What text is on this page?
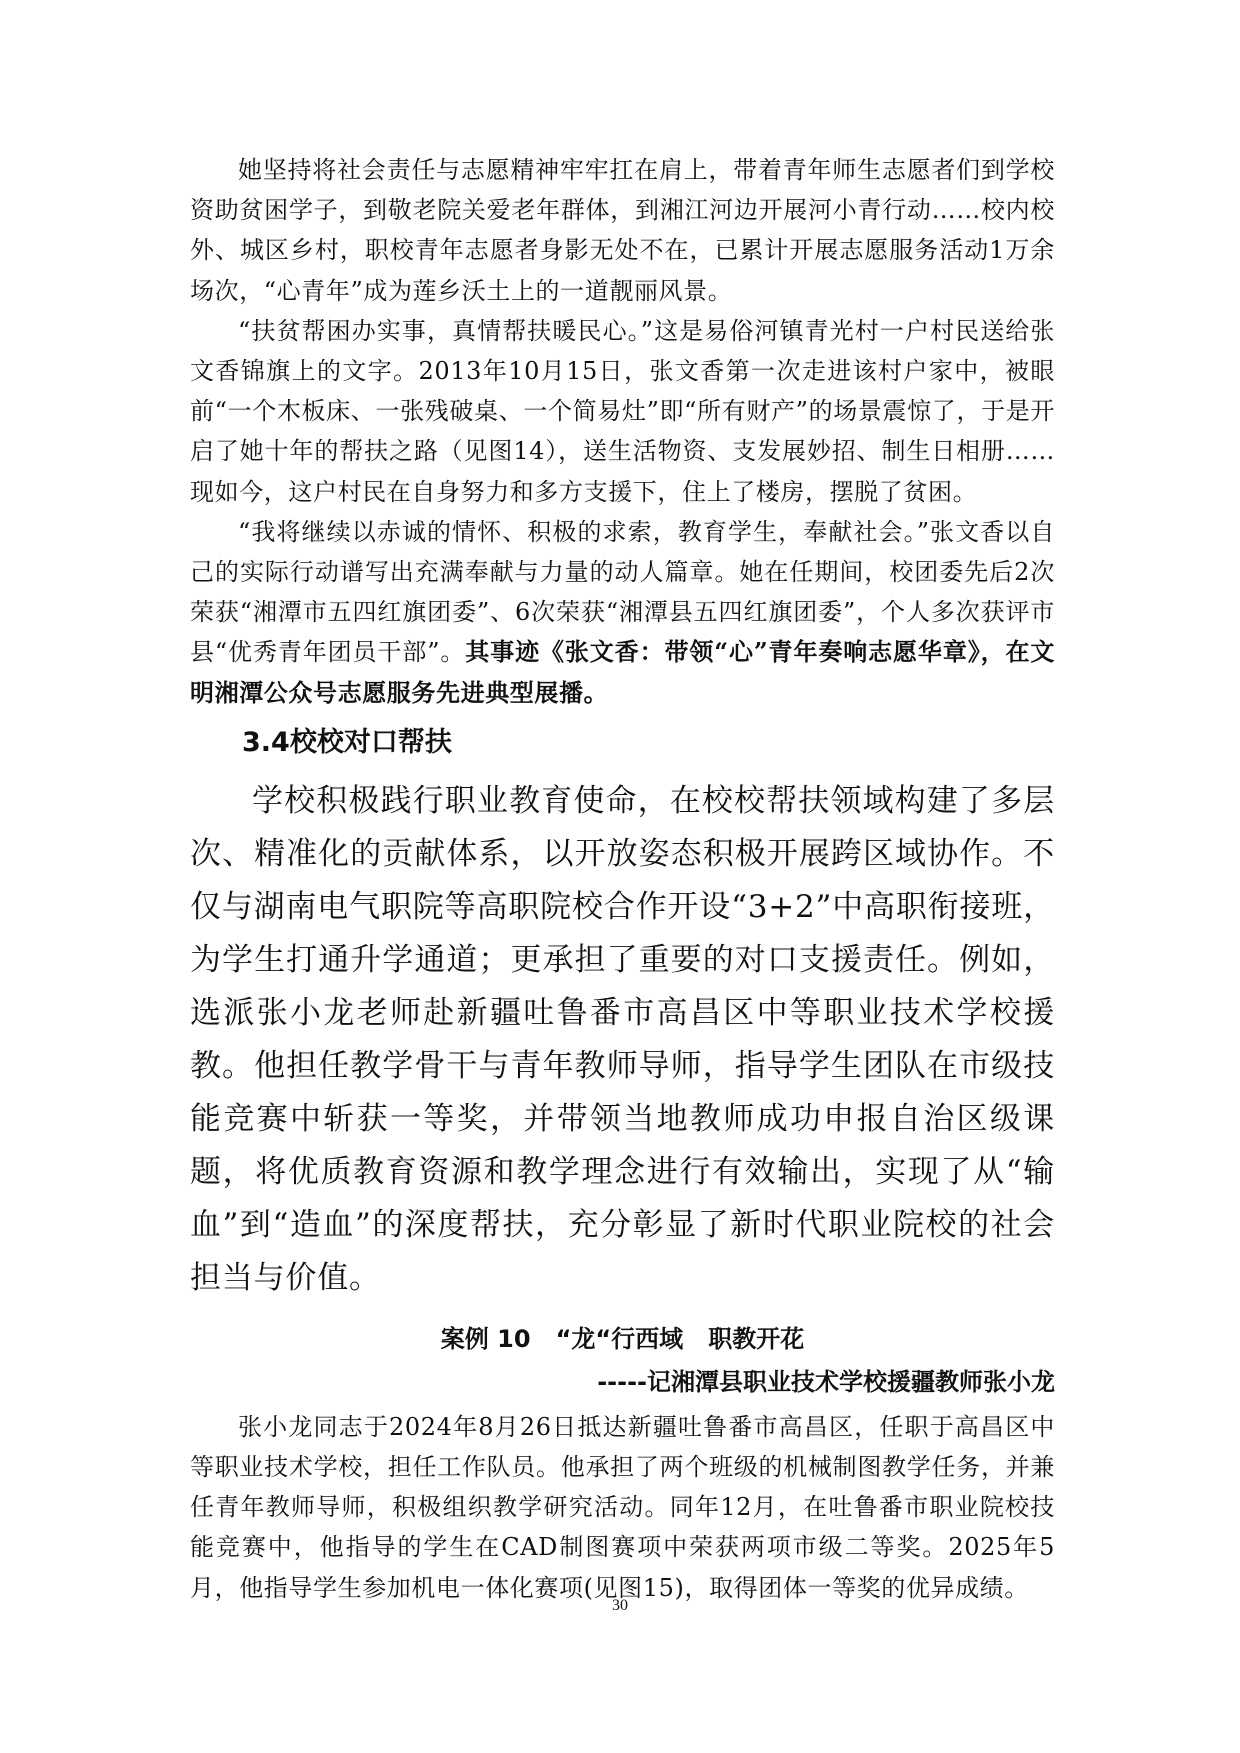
她坚持将社会责任与志愿精神牢牢扛在肩上，带着青年师生志愿者们到学校资助贫困学子，到敬老院关爱老年群体，到湘江河边开展河小青行动……校内校外、城区乡村，职校青年志愿者身影无处不在，已累计开展志愿服务活动1万余场次，“心青年”成为莲乡沃土上的一道靓丽风景。

“扶贫帮困办实事，真情帮扶暖民心。”这是易俗河镇青光村一户村民送给张文香锦旗上的文字。2013年10月15日，张文香第一次走进该村户家中，被眼前“一个木板床、一张残破桌、一个简易灶”即“所有财产”的场景震惊了，于是开启了她十年的帮扶之路（见图14），送生活物资、支发展妙招、制生日相册……现如今，这户村民在自身努力和多方支援下，住上了楼房，摆脱了贫困。

“我将继续以赤诚的情怀、积极的求索，教育学生，奉献社会。”张文香以自己的实际行动谱写出充满奉献与力量的动人篇章。她在任期间，校团委先后2次荣获“湘潭市五四红旗团委”、6次荣获“湘潭县五四红旗团委”，个人多次获评市县“优秀青年团员干部”。其事迹《张文香：带领“心”青年奏响志愿华章》，在文明湘潭公众号志愿服务先进典型展播。

3.4校校对口帮扶

学校积极践行职业教育使命，在校校帮扶领域构建了多层次、精准化的贡献体系，以开放姿态积极开展跨区域协作。不仅与湖南电气职院等高职院校合作开设“3+2”中高职衔接班，为学生打通升学通道；更承担了重要的对口支援责任。例如，选派张小龙老师赴新疆吐鲁番市高昌区中等职业技术学校援教。他担任教学骨干与青年教师导师，指导学生团队在市级技能竞赛中斩获一等奖，并带领当地教师成功申报自治区级课题，将优质教育资源和教学理念进行有效输出，实现了从“输血”到“造血”的深度帮扶，充分彰显了新时代职业院校的社会担当与价值。

案例 10   “龙“行西域   职教开花
-----记湘潭县职业技术学校援疆教师张小龙

张小龙同志于2024年8月26日抵达新疆吐鲁番市高昌区，任职于高昌区中等职业技术学校，担任工作队员。他承担了两个班级的机械制图教学任务，并兼任青年教师导师，积极组织教学研究活动。同年12月，在吐鲁番市职业院校技能竞赛中，他指导的学生在CAD制图赛项中荣获两项市级二等奖。2025年5月，他指导学生参加机电一体化赛项(见图15)，取得团体一等奖的优异成绩。

30
